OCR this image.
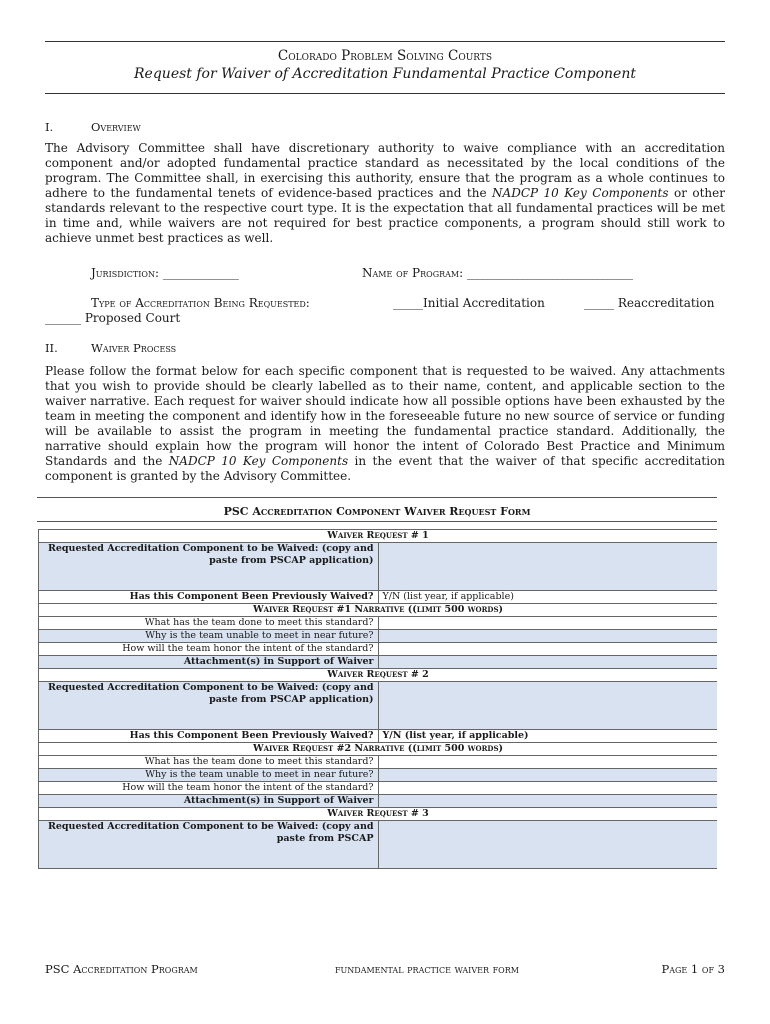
Colorado Problem Solving Courts
Request for Waiver of Accreditation Fundamental Practice Component
I.	Overview
The Advisory Committee shall have discretionary authority to waive compliance with an accreditation component and/or adopted fundamental practice standard as necessitated by the local conditions of the program. The Committee shall, in exercising this authority, ensure that the program as a whole continues to adhere to the fundamental tenets of evidence-based practices and the NADCP 10 Key Components or other standards relevant to the respective court type. It is the expectation that all fundamental practices will be met in time and, while waivers are not required for best practice components, a program should still work to achieve unmet best practices as well.
Jurisdiction: _______________	Name of Program: _________________________________
Type of Accreditation Being Requested:	_____Initial Accreditation	_____ Reaccreditation
______ Proposed Court
II.	Waiver Process
Please follow the format below for each specific component that is requested to be waived. Any attachments that you wish to provide should be clearly labelled as to their name, content, and applicable section to the waiver narrative. Each request for waiver should indicate how all possible options have been exhausted by the team in meeting the component and identify how in the foreseeable future no new source of service or funding will be available to assist the program in meeting the fundamental practice standard. Additionally, the narrative should explain how the program will honor the intent of Colorado Best Practice and Minimum Standards and the NADCP 10 Key Components in the event that the waiver of that specific accreditation component is granted by the Advisory Committee.
PSC Accreditation Component Waiver Request Form
Waiver Request # 1	
Requested Accreditation Component to be Waived: (copy and paste from PSCAP application)	
Has this Component Been Previously Waived?	Y/N (list year, if applicable)
Waiver Request #1 Narrative ((limit 500 words)	
What has the team done to meet this standard?	
Why is the team unable to meet in near future?	
How will the team honor the intent of the standard?	
Attachment(s) in Support of Waiver	
Waiver Request # 2	
Requested Accreditation Component to be Waived: (copy and paste from PSCAP application)	
Has this Component Been Previously Waived?	Y/N (list year, if applicable)
Waiver Request #2 Narrative ((limit 500 words)	
What has the team done to meet this standard?	
Why is the team unable to meet in near future?	
How will the team honor the intent of the standard?	
Attachment(s) in Support of Waiver	
Waiver Request # 3	
Requested Accreditation Component to be Waived: (copy and paste from PSCAP	
PSC Accreditation Program	fundamental practice waiver form	Page 1 of 3
